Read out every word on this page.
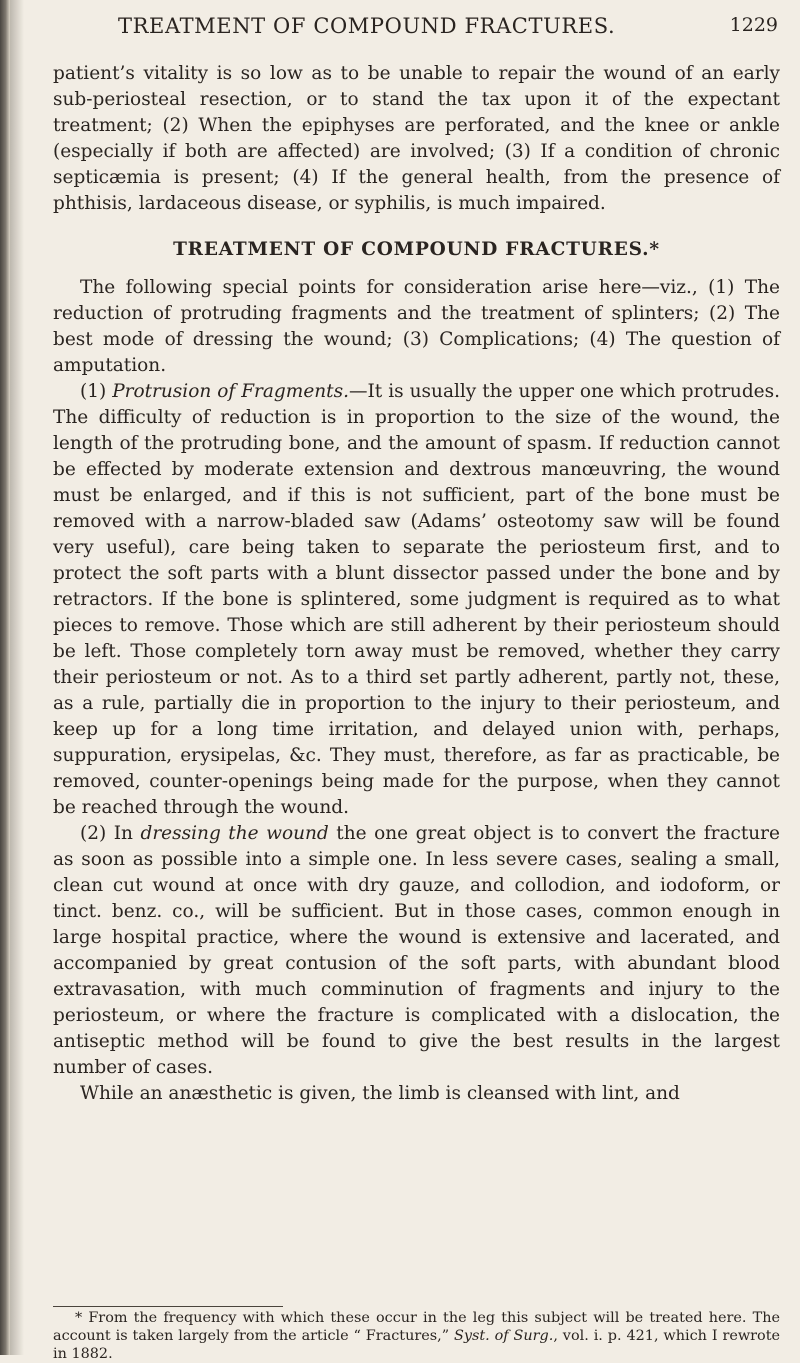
TREATMENT OF COMPOUND FRACTURES.	1229

patient’s vitality is so low as to be unable to repair the wound of an early sub-periosteal resection, or to stand the tax upon it of the expectant treatment; (2) When the epiphyses are perforated, and the knee or ankle (especially if both are affected) are involved; (3) If a condition of chronic septicæmia is present; (4) If the general health, from the presence of phthisis, lardaceous disease, or syphilis, is much impaired.

TREATMENT OF COMPOUND FRACTURES.*

The following special points for consideration arise here—viz., (1) The reduction of protruding fragments and the treatment of splinters; (2) The best mode of dressing the wound; (3) Complications; (4) The question of amputation.

(1) Protrusion of Fragments.—It is usually the upper one which protrudes. The difficulty of reduction is in proportion to the size of the wound, the length of the protruding bone, and the amount of spasm. If reduction cannot be effected by moderate extension and dextrous manœuvring, the wound must be enlarged, and if this is not sufficient, part of the bone must be removed with a narrow-bladed saw (Adams’ osteotomy saw will be found very useful), care being taken to separate the periosteum first, and to protect the soft parts with a blunt dissector passed under the bone and by retractors. If the bone is splintered, some judgment is required as to what pieces to remove. Those which are still adherent by their periosteum should be left. Those completely torn away must be removed, whether they carry their periosteum or not. As to a third set partly adherent, partly not, these, as a rule, partially die in proportion to the injury to their periosteum, and keep up for a long time irritation, and delayed union with, perhaps, suppuration, erysipelas, &c. They must, therefore, as far as practicable, be removed, counter-openings being made for the purpose, when they cannot be reached through the wound.

(2) In dressing the wound the one great object is to convert the fracture as soon as possible into a simple one. In less severe cases, sealing a small, clean cut wound at once with dry gauze, and collodion, and iodoform, or tinct. benz. co., will be sufficient. But in those cases, common enough in large hospital practice, where the wound is extensive and lacerated, and accompanied by great contusion of the soft parts, with abundant blood extravasation, with much comminution of fragments and injury to the periosteum, or where the fracture is complicated with a dislocation, the antiseptic method will be found to give the best results in the largest number of cases.

While an anæsthetic is given, the limb is cleansed with lint, and

* From the frequency with which these occur in the leg this subject will be treated here. The account is taken largely from the article “ Fractures,” Syst. of Surg., vol. i. p. 421, which I rewrote in 1882.
